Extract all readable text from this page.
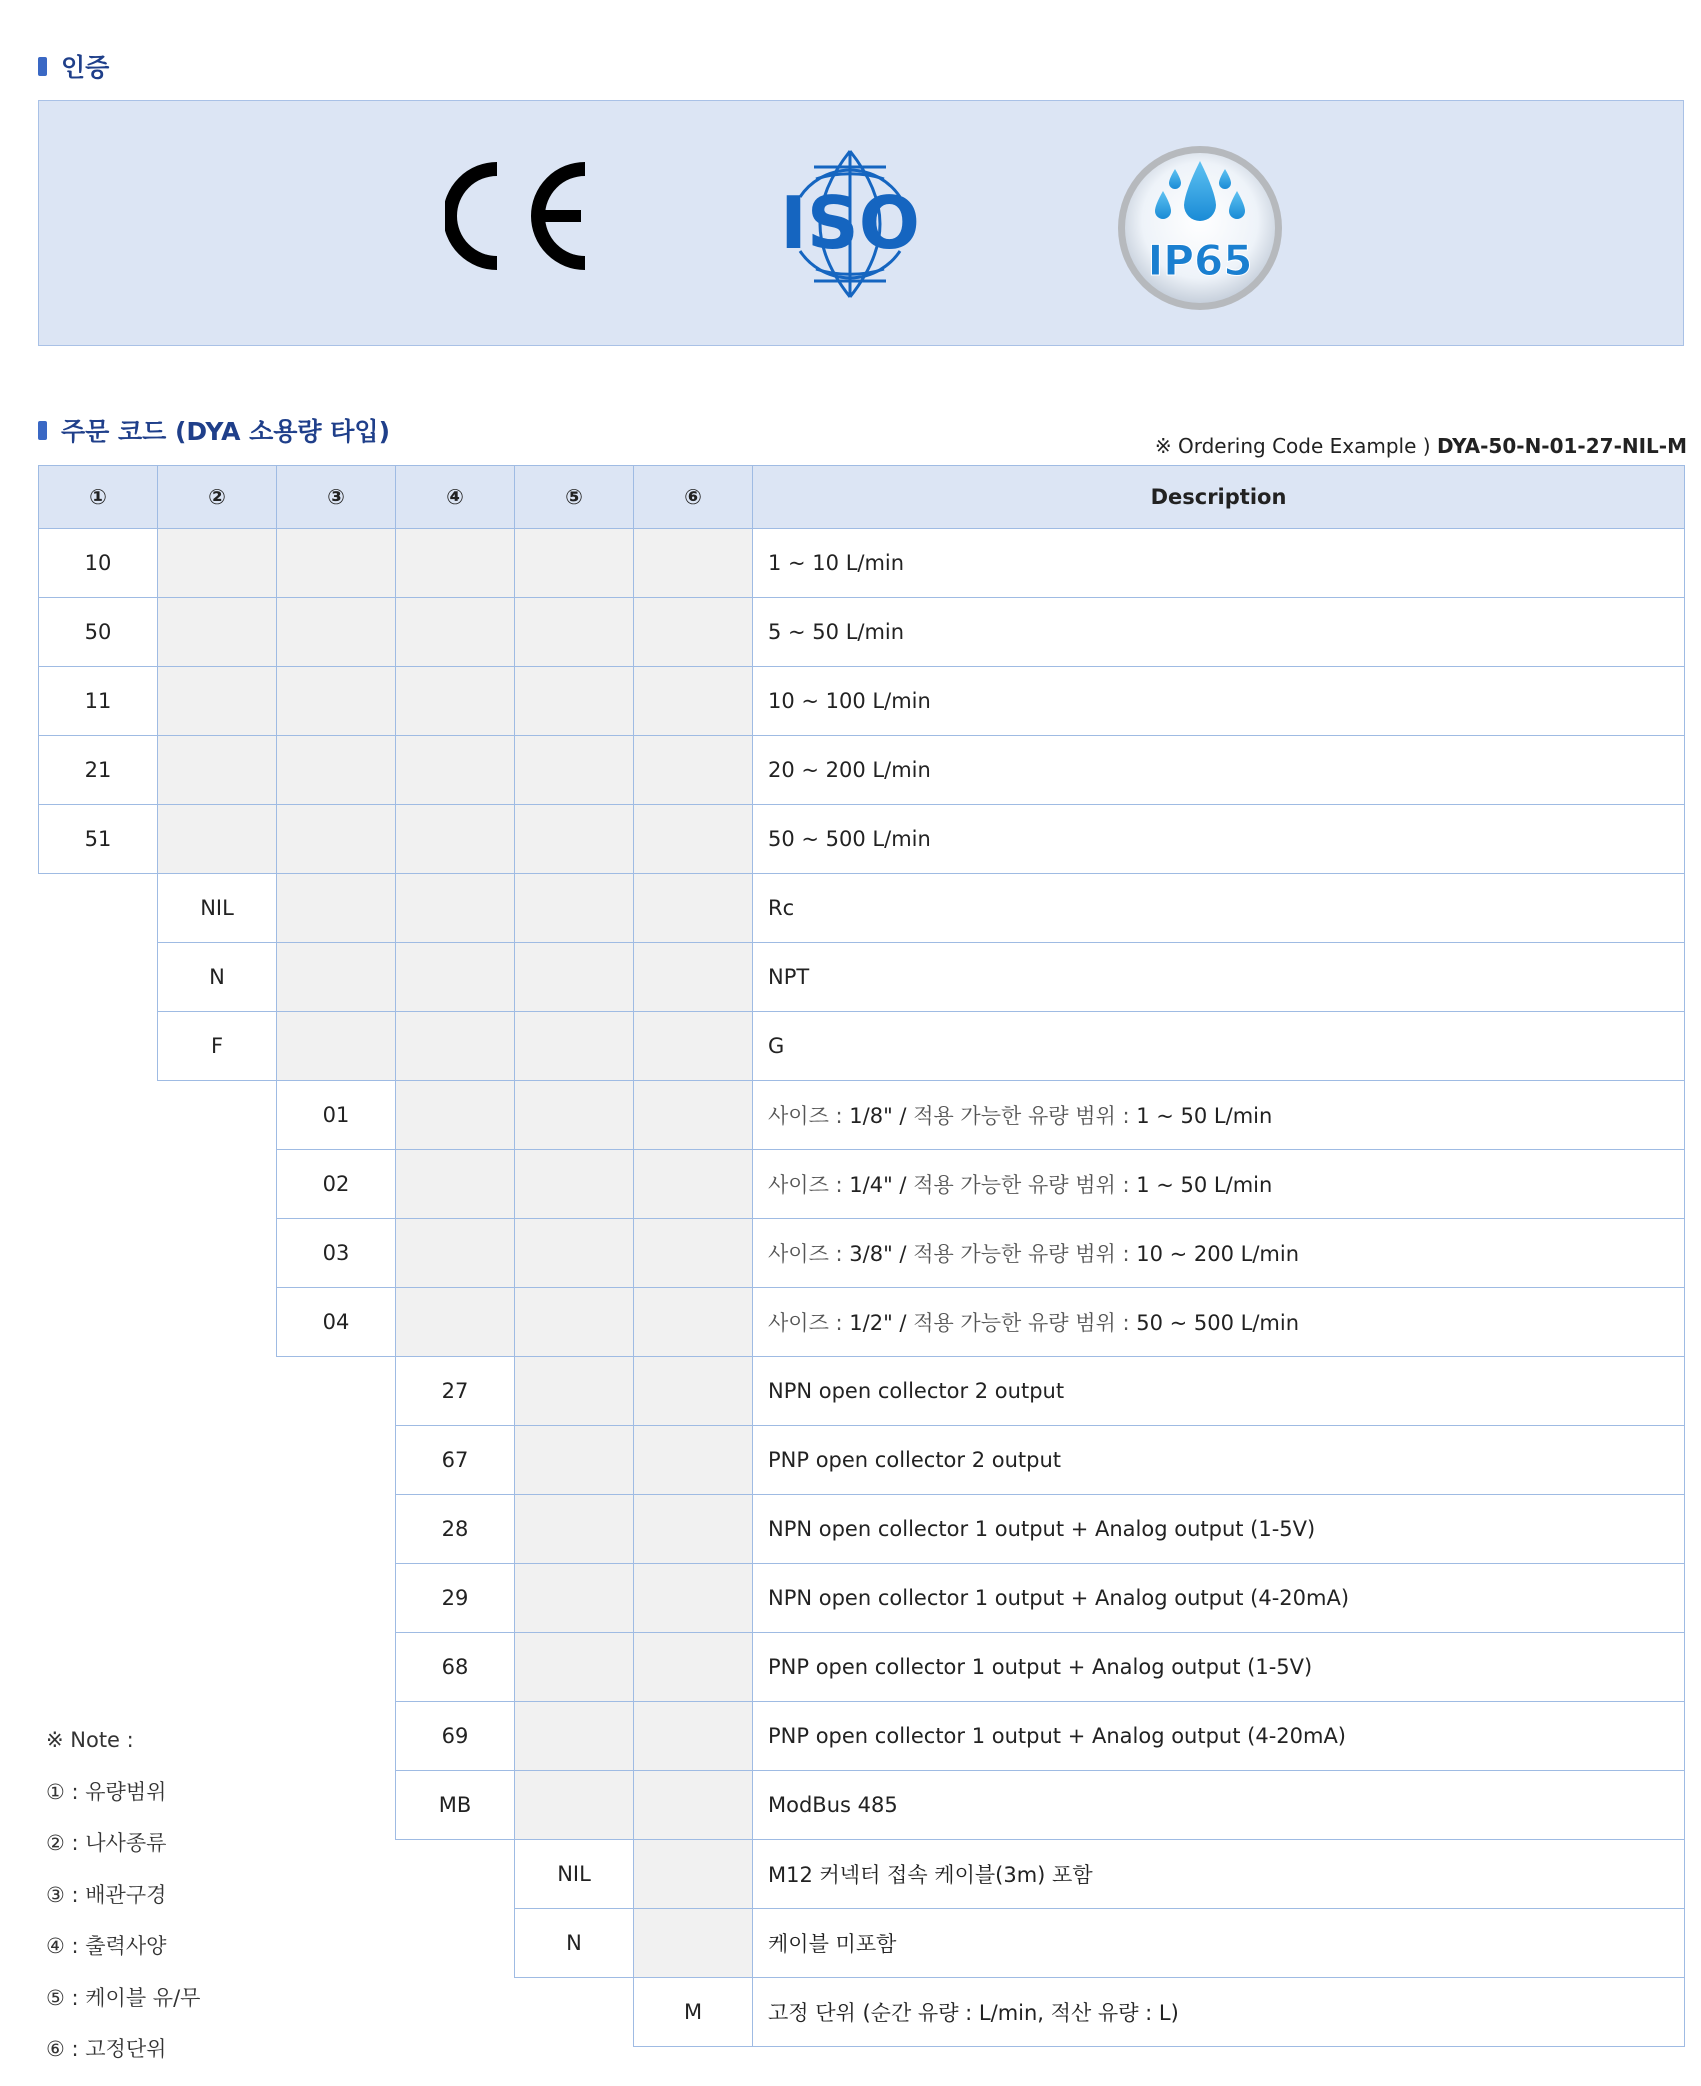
인증
ISO	IP65
주문 코드 (DYA 소용량 타입)	※ Ordering Code Example ) DYA-50-N-01-27-NIL-M
①	②	③	④	⑤	⑥	Description
10						1 ~ 10 L/min
50						5 ~ 50 L/min
11						10 ~ 100 L/min
21						20 ~ 200 L/min
51						50 ~ 500 L/min
	NIL					Rc
	N					NPT
	F					G
		01				사이즈 : 1/8" / 적용 가능한 유량 범위 : 1 ~ 50 L/min
		02				사이즈 : 1/4" / 적용 가능한 유량 범위 : 1 ~ 50 L/min
		03				사이즈 : 3/8" / 적용 가능한 유량 범위 : 10 ~ 200 L/min
		04				사이즈 : 1/2" / 적용 가능한 유량 범위 : 50 ~ 500 L/min
			27			NPN open collector 2 output
			67			PNP open collector 2 output
			28			NPN open collector 1 output + Analog output (1-5V)
			29			NPN open collector 1 output + Analog output (4-20mA)
			68			PNP open collector 1 output + Analog output (1-5V)
			69			PNP open collector 1 output + Analog output (4-20mA)
			MB			ModBus 485
				NIL		M12 커넥터 접속 케이블(3m) 포함
				N		케이블 미포함
					M	고정 단위 (순간 유량 : L/min, 적산 유량 : L)
※ Note :
① : 유량범위
② : 나사종류
③ : 배관구경
④ : 출력사양
⑤ : 케이블 유/무
⑥ : 고정단위
